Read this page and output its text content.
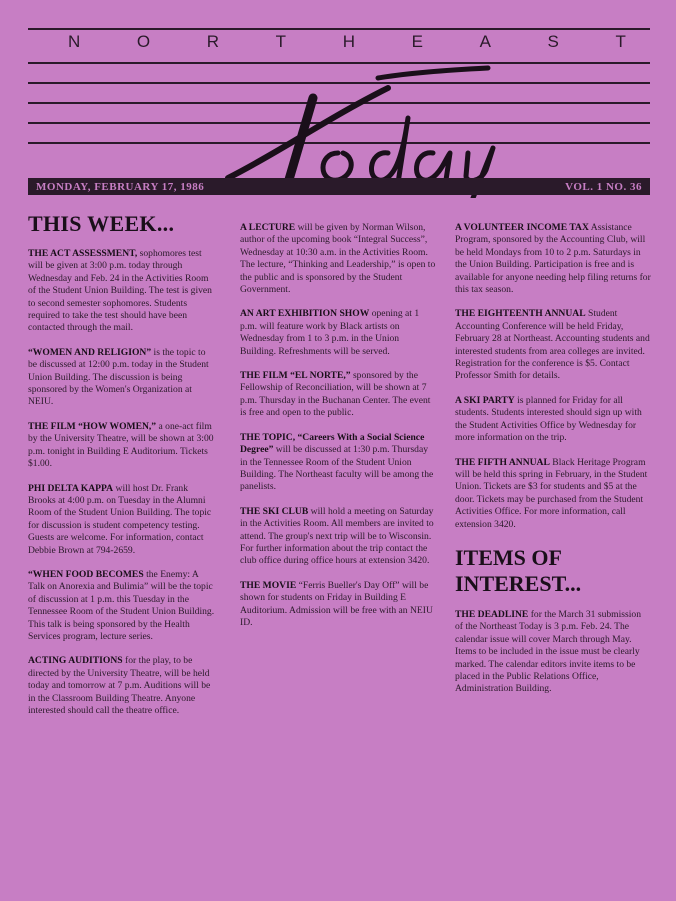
N	O	R	T	H	E	A	S	T
MONDAY, FEBRUARY 17, 1986	VOL. 1 NO. 36
THIS WEEK...
THE ACT ASSESSMENT, sophomores test will be given at 3:00 p.m. today through Wednesday and Feb. 24 in the Activities Room of the Student Union Building. The test is given to second semester sophomores. Students required to take the test should have been contacted through the mail.
“WOMEN AND RELIGION” is the topic to be discussed at 12:00 p.m. today in the Student Union Building. The discussion is being sponsored by the Women's Organization at NEIU.
THE FILM “HOW WOMEN,” a one-act film by the University Theatre, will be shown at 3:00 p.m. tonight in Building E Auditorium. Tickets $1.00.
PHI DELTA KAPPA will host Dr. Frank Brooks at 4:00 p.m. on Tuesday in the Alumni Room of the Student Union Building. The topic for discussion is student competency testing. Guests are welcome. For information, contact Debbie Brown at 794-2659.
“WHEN FOOD BECOMES the Enemy: A Talk on Anorexia and Bulimia” will be the topic of discussion at 1 p.m. this Tuesday in the Tennessee Room of the Student Union Building. This talk is being sponsored by the Health Services program, lecture series.
ACTING AUDITIONS for the play, to be directed by the University Theatre, will be held today and tomorrow at 7 p.m. Auditions will be in the Classroom Building Theatre. Anyone interested should call the theatre office.
A LECTURE will be given by Norman Wilson, author of the upcoming book “Integral Success”, Wednesday at 10:30 a.m. in the Activities Room. The lecture, “Thinking and Leadership,” is open to the public and is sponsored by the Student Government.
AN ART EXHIBITION SHOW opening at 1 p.m. will feature work by Black artists on Wednesday from 1 to 3 p.m. in the Union Building. Refreshments will be served.
THE FILM “EL NORTE,” sponsored by the Fellowship of Reconciliation, will be shown at 7 p.m. Thursday in the Buchanan Center. The event is free and open to the public.
THE TOPIC, “Careers With a Social Science Degree” will be discussed at 1:30 p.m. Thursday in the Tennessee Room of the Student Union Building. The Northeast faculty will be among the panelists.
THE SKI CLUB will hold a meeting on Saturday in the Activities Room. All members are invited to attend. The group's next trip will be to Wisconsin. For further information about the trip contact the club office during office hours at extension 3420.
THE MOVIE “Ferris Bueller's Day Off” will be shown for students on Friday in Building E Auditorium. Admission will be free with an NEIU ID.
A VOLUNTEER INCOME TAX Assistance Program, sponsored by the Accounting Club, will be held Mondays from 10 to 2 p.m. Saturdays in the Union Building. Participation is free and is available for anyone needing help filing returns for this tax season.
THE EIGHTEENTH ANNUAL Student Accounting Conference will be held Friday, February 28 at Northeast. Accounting students and interested students from area colleges are invited. Registration for the conference is $5. Contact Professor Smith for details.
A SKI PARTY is planned for Friday for all students. Students interested should sign up with the Student Activities Office by Wednesday for more information on the trip.
THE FIFTH ANNUAL Black Heritage Program will be held this spring in February, in the Student Union. Tickets are $3 for students and $5 at the door. Tickets may be purchased from the Student Activities Office. For more information, call extension 3420.
ITEMS OF INTEREST...
THE DEADLINE for the March 31 submission of the Northeast Today is 3 p.m. Feb. 24. The calendar issue will cover March through May. Items to be included in the issue must be clearly marked. The calendar editors invite items to be placed in the Public Relations Office, Administration Building.
